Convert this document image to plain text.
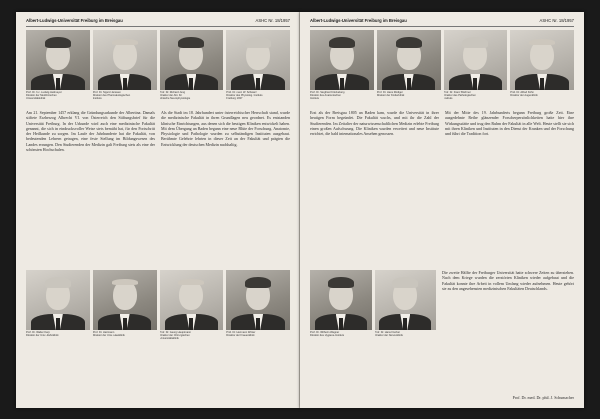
Albert-Ludwigs-Universität Freiburg im Breisgau	ASHC Nr. 18/1957
Prof. Dr. h.c. Ludwig Heilmeyer
Direktor der Medizinischen
Universitätsklinik
Prof. Dr. Sigurd Janssen
Direktor des Pharmakologischen
Instituts
Prof. Dr. Richard Jung
Direktor der Abt. für
klinische Neurophysiologie
Prof. Dr. med. W. Schwarz
Direktor des Physiolog. Instituts
Freiburg 1937
Am 21. September 1457 erklang die Gründungsurkunde der Albertina. Damals stiftete Erzherzog Albrecht VI. von Österreich den Stiftungsbrief für die Universität Freiburg. In der Urkunde wird auch eine medizinische Fakultät genannt, die sich in eindrucksvoller Weise stets bemüht hat, für den Fortschritt der Heilkunde zu sorgen. Im Laufe der Jahrhunderte hat die Fakultät, von bedeutenden Lehrern getragen, eine feste Stellung im Bildungswesen des Landes errungen. Den Studierenden der Medizin galt Freiburg stets als eine der schönsten Hochschulen.
Als die Stadt im 18. Jahrhundert unter österreichischer Herrschaft stand, wurde die medizinische Fakultät in ihren Grundlagen neu geordnet. Es entstanden klinische Einrichtungen, aus denen sich die heutigen Kliniken entwickelt haben. Mit dem Übergang an Baden begann eine neue Blüte der Forschung. Anatomie, Physiologie und Pathologie wurden zu selbständigen Instituten ausgebaut. Berühmte Gelehrte lehrten in dieser Zeit an der Fakultät und prägten die Entwicklung der deutschen Medizin nachhaltig.
Prof. Dr. Walter Kerp
Direktor der Univ.-Zahnklinik
Prof. Dr. Hartmann
Direktor der Univ.-Hautklinik
Prof. Dr. Georg Hauptmann
Direktor der Chirurgischen
Universitätsklinik
Prof. Dr. Hermann Winter
Direktor der Frauenklinik
Albert-Ludwigs-Universität Freiburg im Breisgau	ASHC Nr. 18/1957
Prof. Dr. Siegfried Krückeberg
Direktor des Anatomischen
Instituts
Prof. Dr. Hans Rüdiger
Direktor der Kinderklinik
Prof. Dr. Franz Büchner
Direktor des Pathologischen
Instituts
Prof. Dr. Alfred Kühn
Direktor der Augenklinik
Erst als der Breisgau 1805 an Baden kam, wurde die Universität in ihrer heutigen Form begründet. Die Fakultät wuchs, und mit ihr die Zahl der Studierenden. Im Zeitalter der naturwissenschaftlichen Medizin erlebte Freiburg einen großen Aufschwung. Die Kliniken wurden erweitert und neue Institute errichtet, die bald internationales Ansehen genossen.
Mit der Mitte des 19. Jahrhunderts begann Freiburg große Zeit. Eine ausgedehnte Reihe glänzender Forscherpersönlichkeiten hatte hier ihre Wirkungsstätte und trug den Ruhm der Fakultät in alle Welt. Heute stellt sie sich mit ihren Kliniken und Instituten in den Dienst der Kranken und der Forschung und führt die Tradition fort.
Prof. Dr. Wilhelm Wagner
Direktor des Hygiene-Instituts
Prof. Dr. Hans Fischer
Direktor der Nervenklinik
Die zweite Hälfte der Freiburger Universität hatte schwere Zeiten zu überstehen. Nach dem Kriege wurden die zerstörten Kliniken wieder aufgebaut und die Fakultät konnte ihre Arbeit in vollem Umfang wieder aufnehmen. Heute gehört sie zu den angesehensten medizinischen Fakultäten Deutschlands.
Prof. Dr. med. Dr. phil. J. Schumacher
